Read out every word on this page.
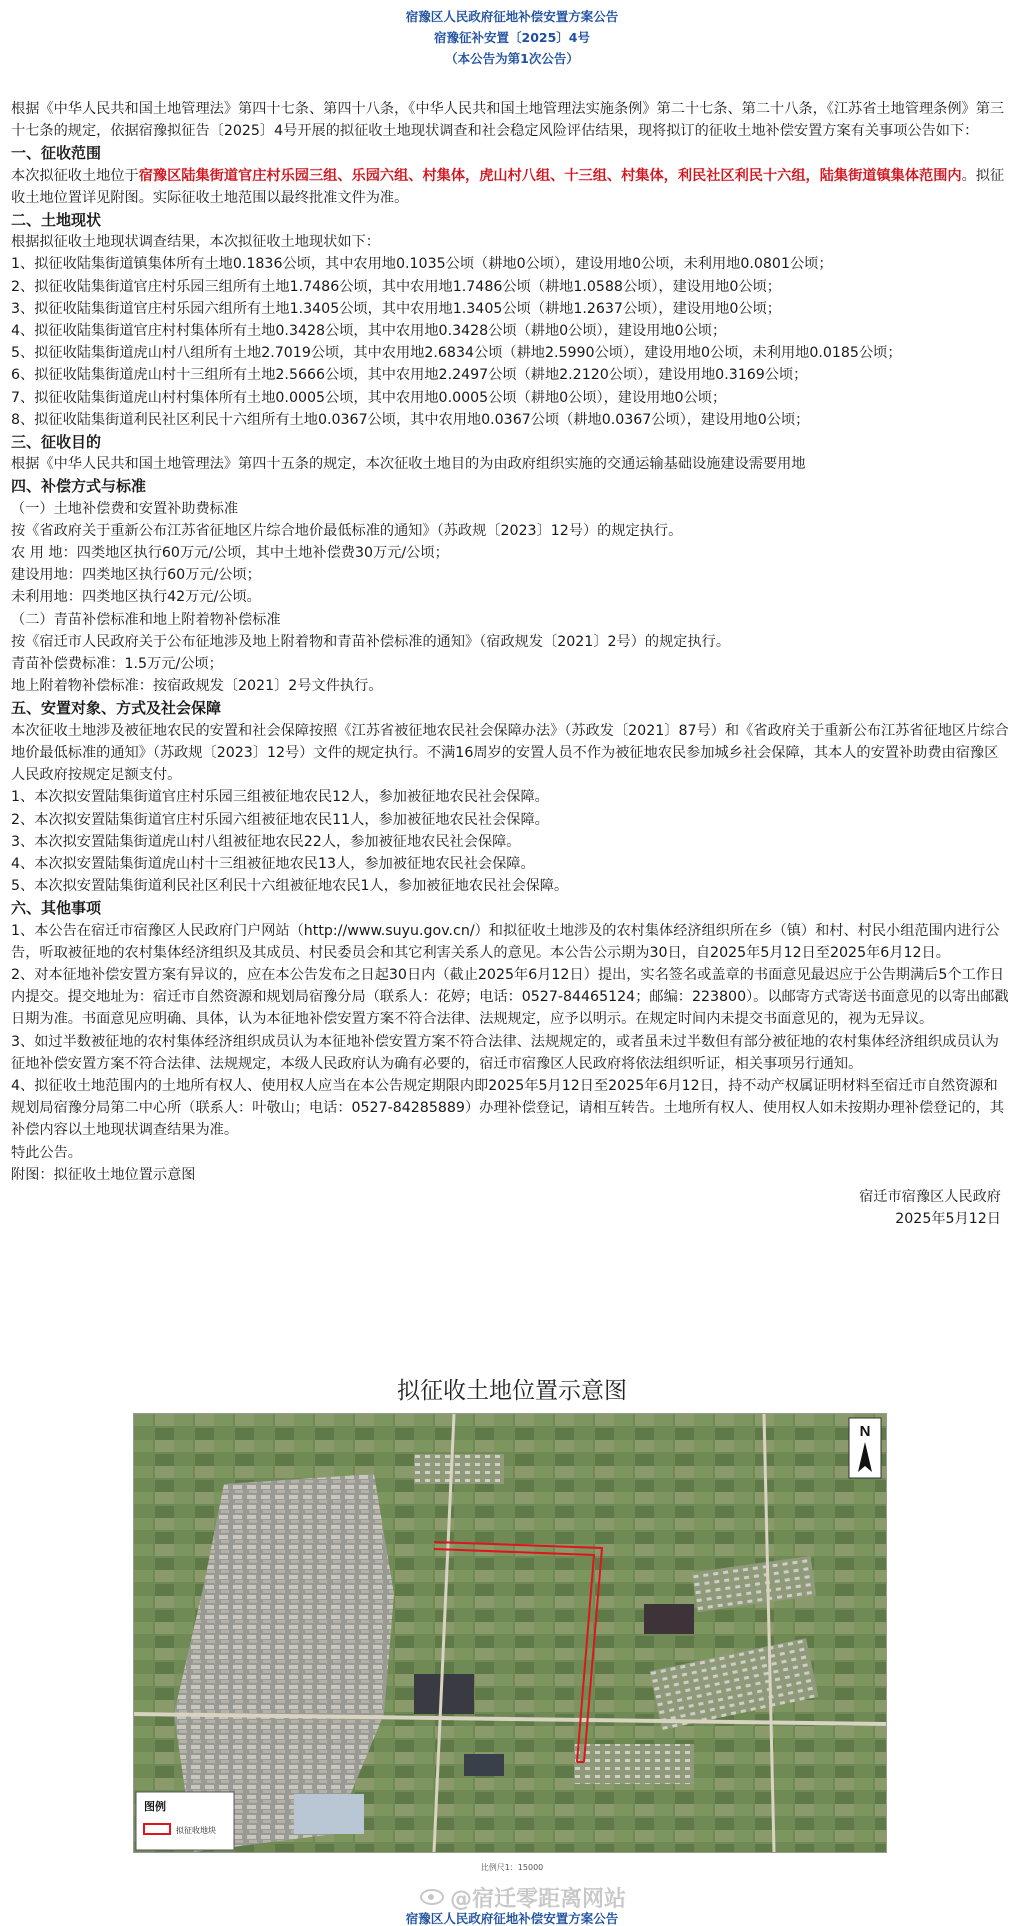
宿豫区人民政府征地补偿安置方案公告
宿豫征补安置〔2025〕4号
（本公告为第1次公告）

根据《中华人民共和国土地管理法》第四十七条、第四十八条，《中华人民共和国土地管理法实施条例》第二十七条、第二十八条，《江苏省土地管理条例》第三十七条的规定，依据宿豫拟征告〔2025〕4号开展的拟征收土地现状调查和社会稳定风险评估结果，现将拟订的征收土地补偿安置方案有关事项公告如下：

一、征收范围

本次拟征收土地位于宿豫区陆集街道官庄村乐园三组、乐园六组、村集体，虎山村八组、十三组、村集体，利民社区利民十六组，陆集街道镇集体范围内。拟征收土地位置详见附图。实际征收土地范围以最终批准文件为准。

二、土地现状

根据拟征收土地现状调查结果，本次拟征收土地现状如下：

1、拟征收陆集街道镇集体所有土地0.1836公顷，其中农用地0.1035公顷（耕地0公顷），建设用地0公顷，未利用地0.0801公顷；

2、拟征收陆集街道官庄村乐园三组所有土地1.7486公顷，其中农用地1.7486公顷（耕地1.0588公顷），建设用地0公顷；

3、拟征收陆集街道官庄村乐园六组所有土地1.3405公顷，其中农用地1.3405公顷（耕地1.2637公顷），建设用地0公顷；

4、拟征收陆集街道官庄村村集体所有土地0.3428公顷，其中农用地0.3428公顷（耕地0公顷），建设用地0公顷；

5、拟征收陆集街道虎山村八组所有土地2.7019公顷，其中农用地2.6834公顷（耕地2.5990公顷），建设用地0公顷，未利用地0.0185公顷；

6、拟征收陆集街道虎山村十三组所有土地2.5666公顷，其中农用地2.2497公顷（耕地2.2120公顷），建设用地0.3169公顷；

7、拟征收陆集街道虎山村村集体所有土地0.0005公顷，其中农用地0.0005公顷（耕地0公顷），建设用地0公顷；

8、拟征收陆集街道利民社区利民十六组所有土地0.0367公顷，其中农用地0.0367公顷（耕地0.0367公顷），建设用地0公顷；

三、征收目的

根据《中华人民共和国土地管理法》第四十五条的规定，本次征收土地目的为由政府组织实施的交通运输基础设施建设需要用地

四、补偿方式与标准

（一）土地补偿费和安置补助费标准

按《省政府关于重新公布江苏省征地区片综合地价最低标准的通知》（苏政规〔2023〕12号）的规定执行。

农 用 地：四类地区执行60万元/公顷，其中土地补偿费30万元/公顷；

建设用地：四类地区执行60万元/公顷；

未利用地：四类地区执行42万元/公顷。

（二）青苗补偿标准和地上附着物补偿标准

按《宿迁市人民政府关于公布征地涉及地上附着物和青苗补偿标准的通知》（宿政规发〔2021〕2号）的规定执行。

青苗补偿费标准：1.5万元/公顷；

地上附着物补偿标准：按宿政规发〔2021〕2号文件执行。

五、安置对象、方式及社会保障

本次征收土地涉及被征地农民的安置和社会保障按照《江苏省被征地农民社会保障办法》（苏政发〔2021〕87号）和《省政府关于重新公布江苏省征地区片综合地价最低标准的通知》（苏政规〔2023〕12号）文件的规定执行。不满16周岁的安置人员不作为被征地农民参加城乡社会保障，其本人的安置补助费由宿豫区人民政府按规定足额支付。

1、本次拟安置陆集街道官庄村乐园三组被征地农民12人，参加被征地农民社会保障。

2、本次拟安置陆集街道官庄村乐园六组被征地农民11人，参加被征地农民社会保障。

3、本次拟安置陆集街道虎山村八组被征地农民22人，参加被征地农民社会保障。

4、本次拟安置陆集街道虎山村十三组被征地农民13人，参加被征地农民社会保障。

5、本次拟安置陆集街道利民社区利民十六组被征地农民1人，参加被征地农民社会保障。

六、其他事项

1、本公告在宿迁市宿豫区人民政府门户网站（http://www.suyu.gov.cn/）和拟征收土地涉及的农村集体经济组织所在乡（镇）和村、村民小组范围内进行公告，听取被征地的农村集体经济组织及其成员、村民委员会和其它利害关系人的意见。本公告公示期为30日，自2025年5月12日至2025年6月12日。

2、对本征地补偿安置方案有异议的，应在本公告发布之日起30日内（截止2025年6月12日）提出，实名签名或盖章的书面意见最迟应于公告期满后5个工作日内提交。提交地址为：宿迁市自然资源和规划局宿豫分局（联系人：花婷；电话：0527-84465124；邮编：223800）。以邮寄方式寄送书面意见的以寄出邮戳日期为准。书面意见应明确、具体，认为本征地补偿安置方案不符合法律、法规规定，应予以明示。在规定时间内未提交书面意见的，视为无异议。

3、如过半数被征地的农村集体经济组织成员认为本征地补偿安置方案不符合法律、法规规定的，或者虽未过半数但有部分被征地的农村集体经济组织成员认为征地补偿安置方案不符合法律、法规规定，本级人民政府认为确有必要的，宿迁市宿豫区人民政府将依法组织听证，相关事项另行通知。

4、拟征收土地范围内的土地所有权人、使用权人应当在本公告规定期限内即2025年5月12日至2025年6月12日，持不动产权属证明材料至宿迁市自然资源和规划局宿豫分局第二中心所（联系人：叶敬山；电话：0527-84285889）办理补偿登记，请相互转告。土地所有权人、使用权人如未按期办理补偿登记的，其补偿内容以土地现状调查结果为准。

特此公告。

附图：拟征收土地位置示意图

宿迁市宿豫区人民政府

2025年5月12日

拟征收土地位置示意图
N
图例
拟征收地块
比例尺1：15000
@宿迁零距离网站
宿豫区人民政府征地补偿安置方案公告
